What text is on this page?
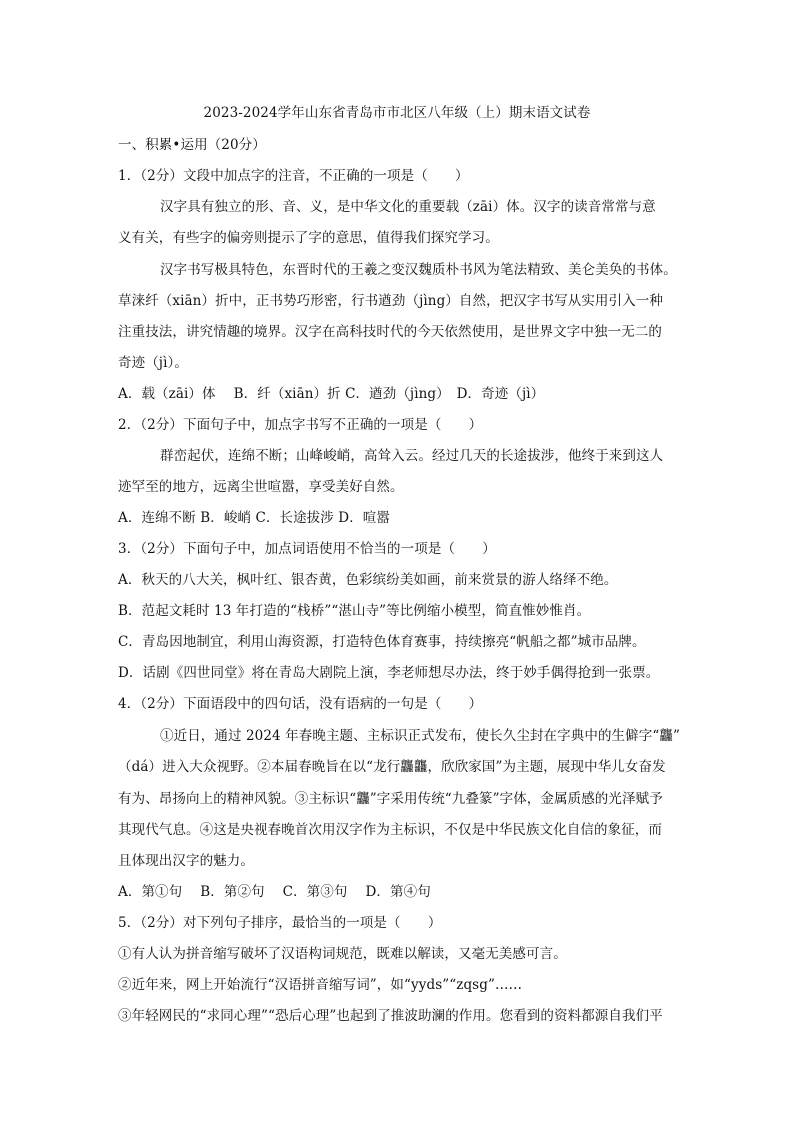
2023-2024学年山东省青岛市市北区八年级（上）期末语文试卷
一、积累•运用（20分）
1．（2分）文段中加点字的注音，不正确的一项是（　　）
汉字具有独立的形、音、义，是中华文化的重要载（zāi）体。汉字的读音常常与意
义有关，有些字的偏旁则提示了字的意思，值得我们探究学习。
汉字书写极具特色，东晋时代的王羲之变汉魏质朴书风为笔法精致、美仑美奂的书体。
草涞纤（xiān）折中，正书势巧形密，行书遒劲（jìng）自然，把汉字书写从实用引入一种
注重技法，讲究情趣的境界。汉字在高科技时代的今天依然使用，是世界文字中独一无二的
奇迹（jì）。
A．载（zāi）体　 B．纤（xiān）折 C．遒劲（jìng）　D．奇迹（jì）
2．（2分）下面句子中，加点字书写不正确的一项是（　　）
群峦起伏，连绵不断；山峰峻峭，高耸入云。经过几天的长途拔涉，他终于来到这人
迹罕至的地方，远离尘世喧嚣，享受美好自然。
A．连绵不断 B．峻峭 C．长途拔涉 D．喧嚣
3．（2分）下面句子中，加点词语使用不恰当的一项是（　　）
A．秋天的八大关，枫叶红、银杏黄，色彩缤纷美如画，前来赏景的游人络绎不绝。
B．范起文耗时 13 年打造的“栈桥”“湛山寺”等比例缩小模型，简直惟妙惟肖。
C．青岛因地制宜，利用山海资源，打造特色体育赛事，持续擦亮“帆船之都”城市品牌。
D．话剧《四世同堂》将在青岛大剧院上演，李老师想尽办法，终于妙手偶得抢到一张票。
4．（2分）下面语段中的四句话，没有语病的一句是（　　）
①近日，通过 2024 年春晚主题、主标识正式发布，使长久尘封在字典中的生僻字“龘”
（dá）进入大众视野。②本届春晚旨在以“龙行龘龘，欣欣家国”为主题，展现中华儿女奋发
有为、昂扬向上的精神风貌。③主标识“龘”字采用传统“九叠篆”字体，金属质感的光泽赋予
其现代气息。④这是央视春晚首次用汉字作为主标识，不仅是中华民族文化自信的象征，而
且体现出汉字的魅力。
A．第①句　 B．第②句　 C．第③句　 D．第④句
5．（2分）对下列句子排序，最恰当的一项是（　　）
①有人认为拼音缩写破坏了汉语构词规范，既难以解读，又毫无美感可言。
②近年来，网上开始流行“汉语拼音缩写词”，如“yyds”“zqsg”……
③年轻网民的“求同心理”“恐后心理”也起到了推波助澜的作用。您看到的资料都源自我们平
